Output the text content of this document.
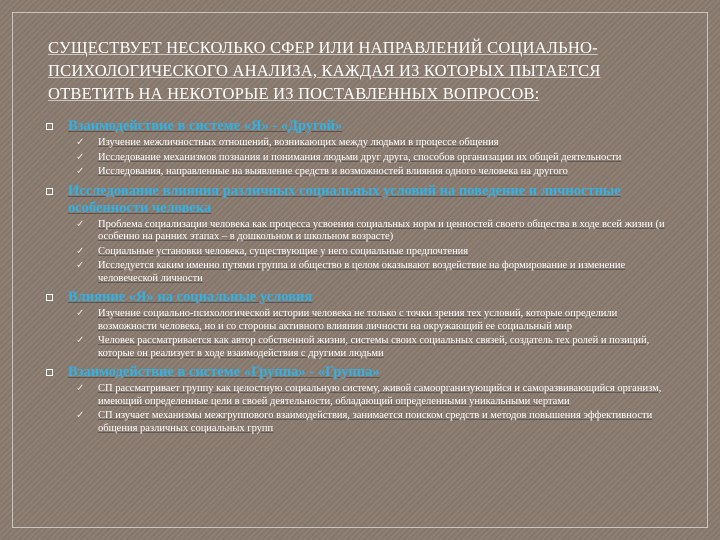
СУЩЕСТВУЕТ НЕСКОЛЬКО СФЕР ИЛИ НАПРАВЛЕНИЙ СОЦИАЛЬНО-ПСИХОЛОГИЧЕСКОГО АНАЛИЗА, КАЖДАЯ ИЗ КОТОРЫХ ПЫТАЕТСЯ ОТВЕТИТЬ НА НЕКОТОРЫЕ ИЗ ПОСТАВЛЕННЫХ ВОПРОСОВ:
Взаимодействие в системе «Я» - «Другой»
✓ Изучение межличностных отношений, возникающих между людьми в процессе общения
✓ Исследование механизмов познания и понимания людьми друг друга, способов организации их общей деятельности
✓ Исследования, направленные на выявление средств и возможностей влияния одного человека на другого
Исследование влияния различных социальных условий на поведение и личностные особенности человека
✓ Проблема социализации человека как процесса усвоения социальных норм и ценностей своего общества в ходе всей жизни (и особенно на ранних этапах – в дошкольном и школьном возрасте)
✓ Социальные установки человека, существующие у него социальные предпочтения
✓ Исследуется каким именно путями группа и общество в целом оказывают воздействие на формирование и изменение человеческой личности
Влияние «Я» на социальные условия
✓ Изучение социально-психологической истории человека не только с точки зрения тех условий, которые определили возможности человека, но и со стороны активного влияния личности на окружающий ее социальный мир
✓ Человек рассматривается как автор собственной жизни, системы своих социальных связей, создатель тех ролей и позиций, которые он реализует в ходе взаимодействия с другими людьми
Взаимодействие в системе «Группа» - «Группа»
✓ СП рассматривает группу как целостную социальную систему, живой самоорганизующийся и саморазвивающийся организм, имеющий определенные цели в своей деятельности, обладающий определенными уникальными чертами
✓ СП изучает механизмы межгруппового взаимодействия, занимается поиском средств и методов повышения эффективности общения различных социальных групп
